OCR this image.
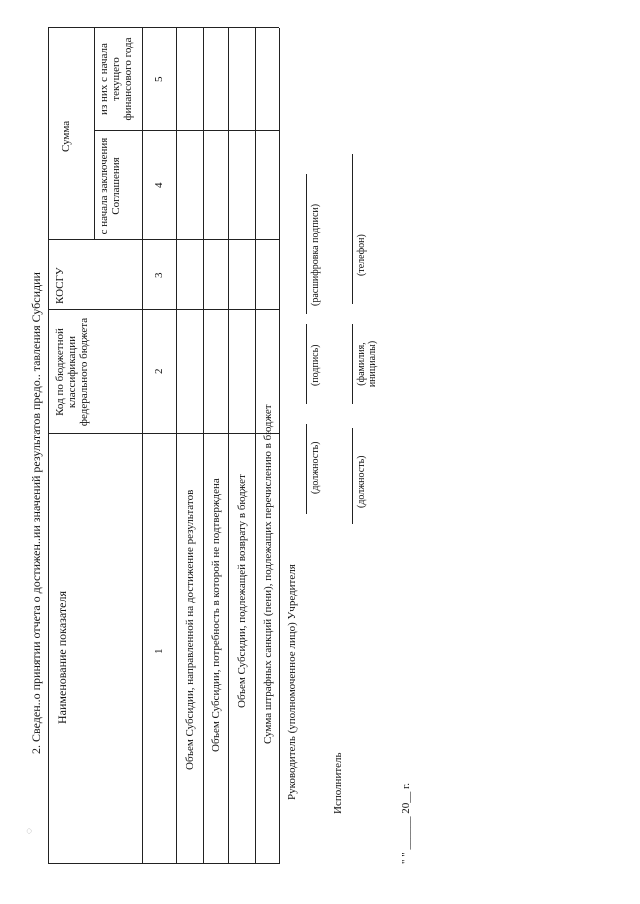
◌
2. Сведен..о принятии отчета о достижен..ии значений результатов предо.. тавления Субсидии Наименование показателя
Код по бюджетной классификации федерального бюджета
КОСГУ
Сумма
с начала заключения Соглашения
из них с начала текущего финансового года
1
2
3
4
5
Объем Субсидии, направленной на достижение результатов Объем Субсидии, потребность в которой не подтверждена Объем Субсидии, подлежащей возврату в бюджет Сумма штрафных санкций (пени), подлежащих перечислению в бюджет Руководитель (уполномоченное лицо) Учредителя
(должность)
(подпись)
(расшифровка подписи)
Исполнитель
(должность)
(фамилия, инициалы)
(телефон)
" " ______ 20__ г.
